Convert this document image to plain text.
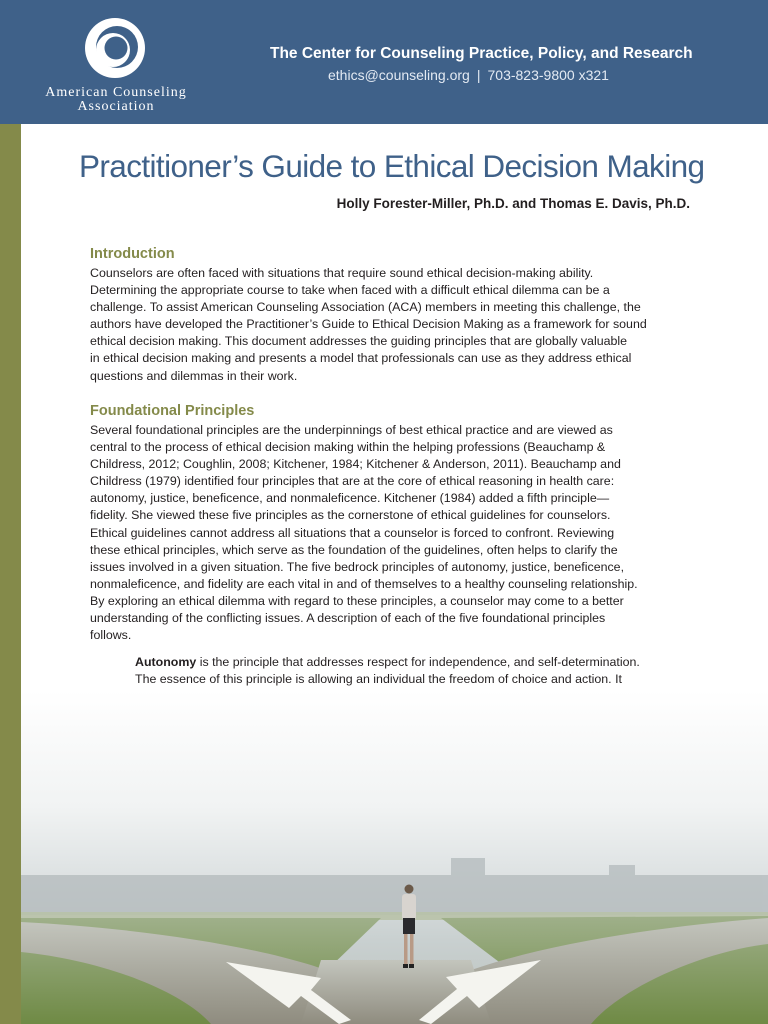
American Counseling
Association
The Center for Counseling Practice, Policy, and Research
ethics@counseling.org | 703-823-9800 x321
Practitioner’s Guide to Ethical Decision Making
Holly Forester-Miller, Ph.D. and Thomas E. Davis, Ph.D.
Introduction
Counselors are often faced with situations that require sound ethical decision-making ability.
Determining the appropriate course to take when faced with a difficult ethical dilemma can be a
challenge. To assist American Counseling Association (ACA) members in meeting this challenge, the
authors have developed the Practitioner’s Guide to Ethical Decision Making as a framework for sound
ethical decision making. This document addresses the guiding principles that are globally valuable
in ethical decision making and presents a model that professionals can use as they address ethical
questions and dilemmas in their work.
Foundational Principles
Several foundational principles are the underpinnings of best ethical practice and are viewed as
central to the process of ethical decision making within the helping professions (Beauchamp &
Childress, 2012; Coughlin, 2008; Kitchener, 1984; Kitchener & Anderson, 2011). Beauchamp and
Childress (1979) identified four principles that are at the core of ethical reasoning in health care:
autonomy, justice, beneficence, and nonmaleficence. Kitchener (1984) added a fifth principle—
fidelity. She viewed these five principles as the cornerstone of ethical guidelines for counselors.
Ethical guidelines cannot address all situations that a counselor is forced to confront. Reviewing
these ethical principles, which serve as the foundation of the guidelines, often helps to clarify the
issues involved in a given situation. The five bedrock principles of autonomy, justice, beneficence,
nonmaleficence, and fidelity are each vital in and of themselves to a healthy counseling relationship.
By exploring an ethical dilemma with regard to these principles, a counselor may come to a better
understanding of the conflicting issues. A description of each of the five foundational principles
follows.
Autonomy is the principle that addresses respect for independence, and self-determination.
The essence of this principle is allowing an individual the freedom of choice and action. It
